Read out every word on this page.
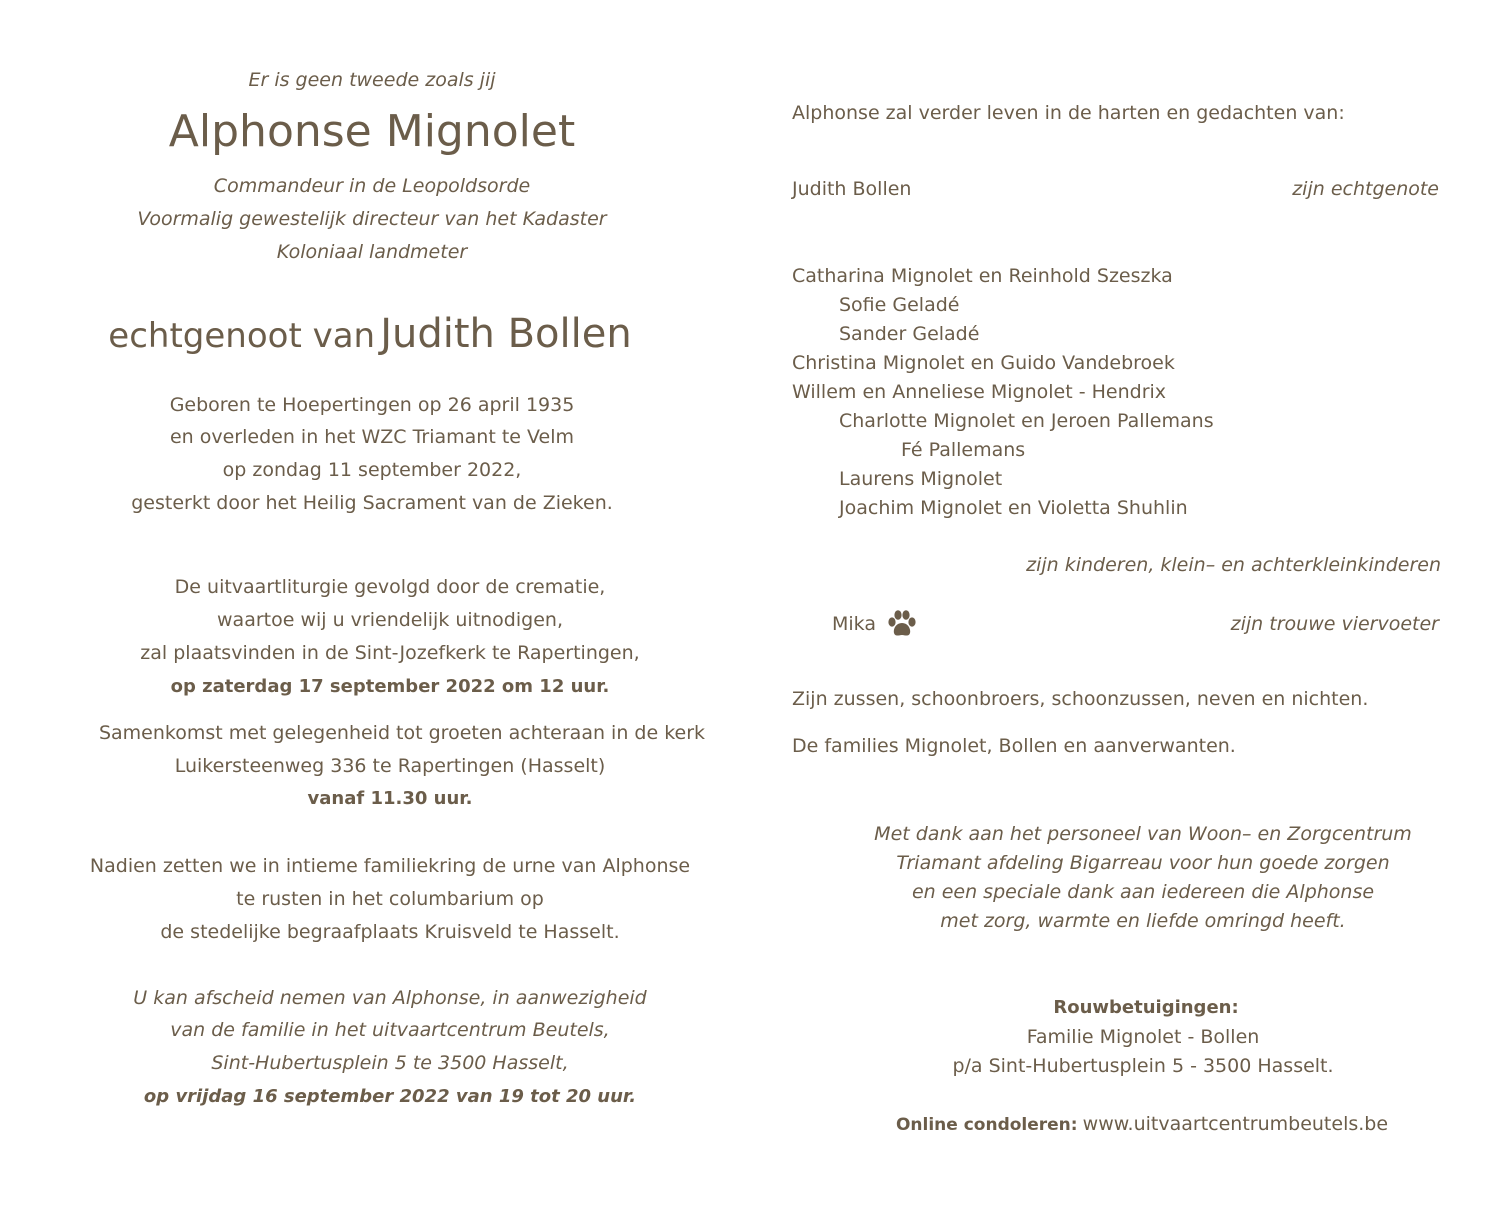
Er is geen tweede zoals jij
Alphonse Mignolet
Commandeur in de Leopoldsorde
Voormalig gewestelijk directeur van het Kadaster
Koloniaal landmeter
echtgenoot van Judith Bollen
Geboren te Hoepertingen op 26 april 1935
en overleden in het WZC Triamant te Velm
op zondag 11 september 2022,
gesterkt door het Heilig Sacrament van de Zieken.
De uitvaartliturgie gevolgd door de crematie,
waartoe wij u vriendelijk uitnodigen,
zal plaatsvinden in de Sint-Jozefkerk te Rapertingen,
op zaterdag 17 september 2022 om 12 uur.
Samenkomst met gelegenheid tot groeten achteraan in de kerk
Luikersteenweg 336 te Rapertingen (Hasselt)
vanaf 11.30 uur.
Nadien zetten we in intieme familiekring de urne van Alphonse
te rusten in het columbarium op
de stedelijke begraafplaats Kruisveld te Hasselt.
U kan afscheid nemen van Alphonse, in aanwezigheid
van de familie in het uitvaartcentrum Beutels,
Sint-Hubertusplein 5 te 3500 Hasselt,
op vrijdag 16 september 2022 van 19 tot 20 uur.
Alphonse zal verder leven in de harten en gedachten van:
Judith Bollen	zijn echtgenote
Catharina Mignolet en Reinhold Szeszka
Sofie Geladé
Sander Geladé
Christina Mignolet en Guido Vandebroek
Willem en Anneliese Mignolet - Hendrix
Charlotte Mignolet en Jeroen Pallemans
Fé Pallemans
Laurens Mignolet
Joachim Mignolet en Violetta Shuhlin
zijn kinderen, klein– en achterkleinkinderen
Mika	zijn trouwe viervoeter
Zijn zussen, schoonbroers, schoonzussen, neven en nichten.
De families Mignolet, Bollen en aanverwanten.
Met dank aan het personeel van Woon– en Zorgcentrum
Triamant afdeling Bigarreau voor hun goede zorgen
en een speciale dank aan iedereen die Alphonse
met zorg, warmte en liefde omringd heeft.
Rouwbetuigingen:
Familie Mignolet - Bollen
p/a Sint-Hubertusplein 5 - 3500 Hasselt.
Online condoleren: www.uitvaartcentrumbeutels.be
